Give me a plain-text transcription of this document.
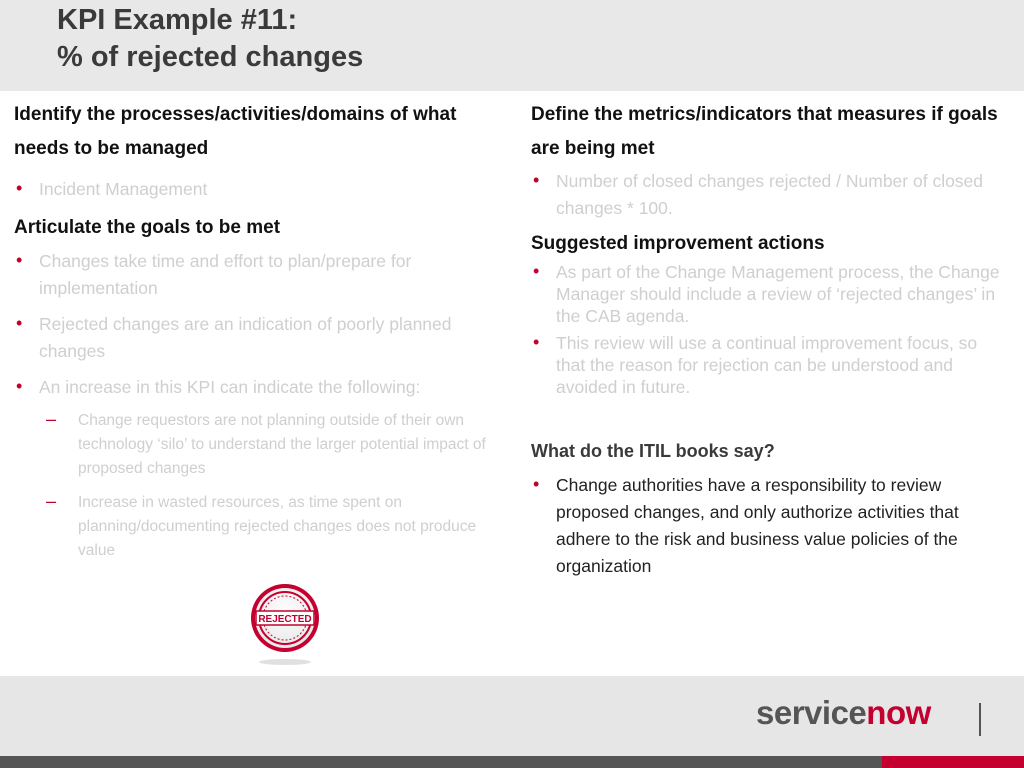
KPI Example #11:
% of rejected changes

Identify the processes/activities/domains of what needs to be managed

• Incident Management

Articulate the goals to be met

• Changes take time and effort to plan/prepare for implementation
• Rejected changes are an indication of poorly planned changes
• An increase in this KPI can indicate the following:
– Change requestors are not planning outside of their own technology ‘silo’ to understand the larger potential impact of proposed changes
– Increase in wasted resources, as time spent on planning/documenting rejected changes does not produce value

Define the metrics/indicators that measures if goals are being met

• Number of closed changes rejected / Number of closed changes * 100.

Suggested improvement actions

• As part of the Change Management process, the Change Manager should include a review of ‘rejected changes’ in the CAB agenda.
• This review will use a continual improvement focus, so that the reason for rejection can be understood and avoided in future.

What do the ITIL books say?

• Change authorities have a responsibility to review proposed changes, and only authorize activities that adhere to the risk and business value policies of the organization
REJECTED
servicenow
